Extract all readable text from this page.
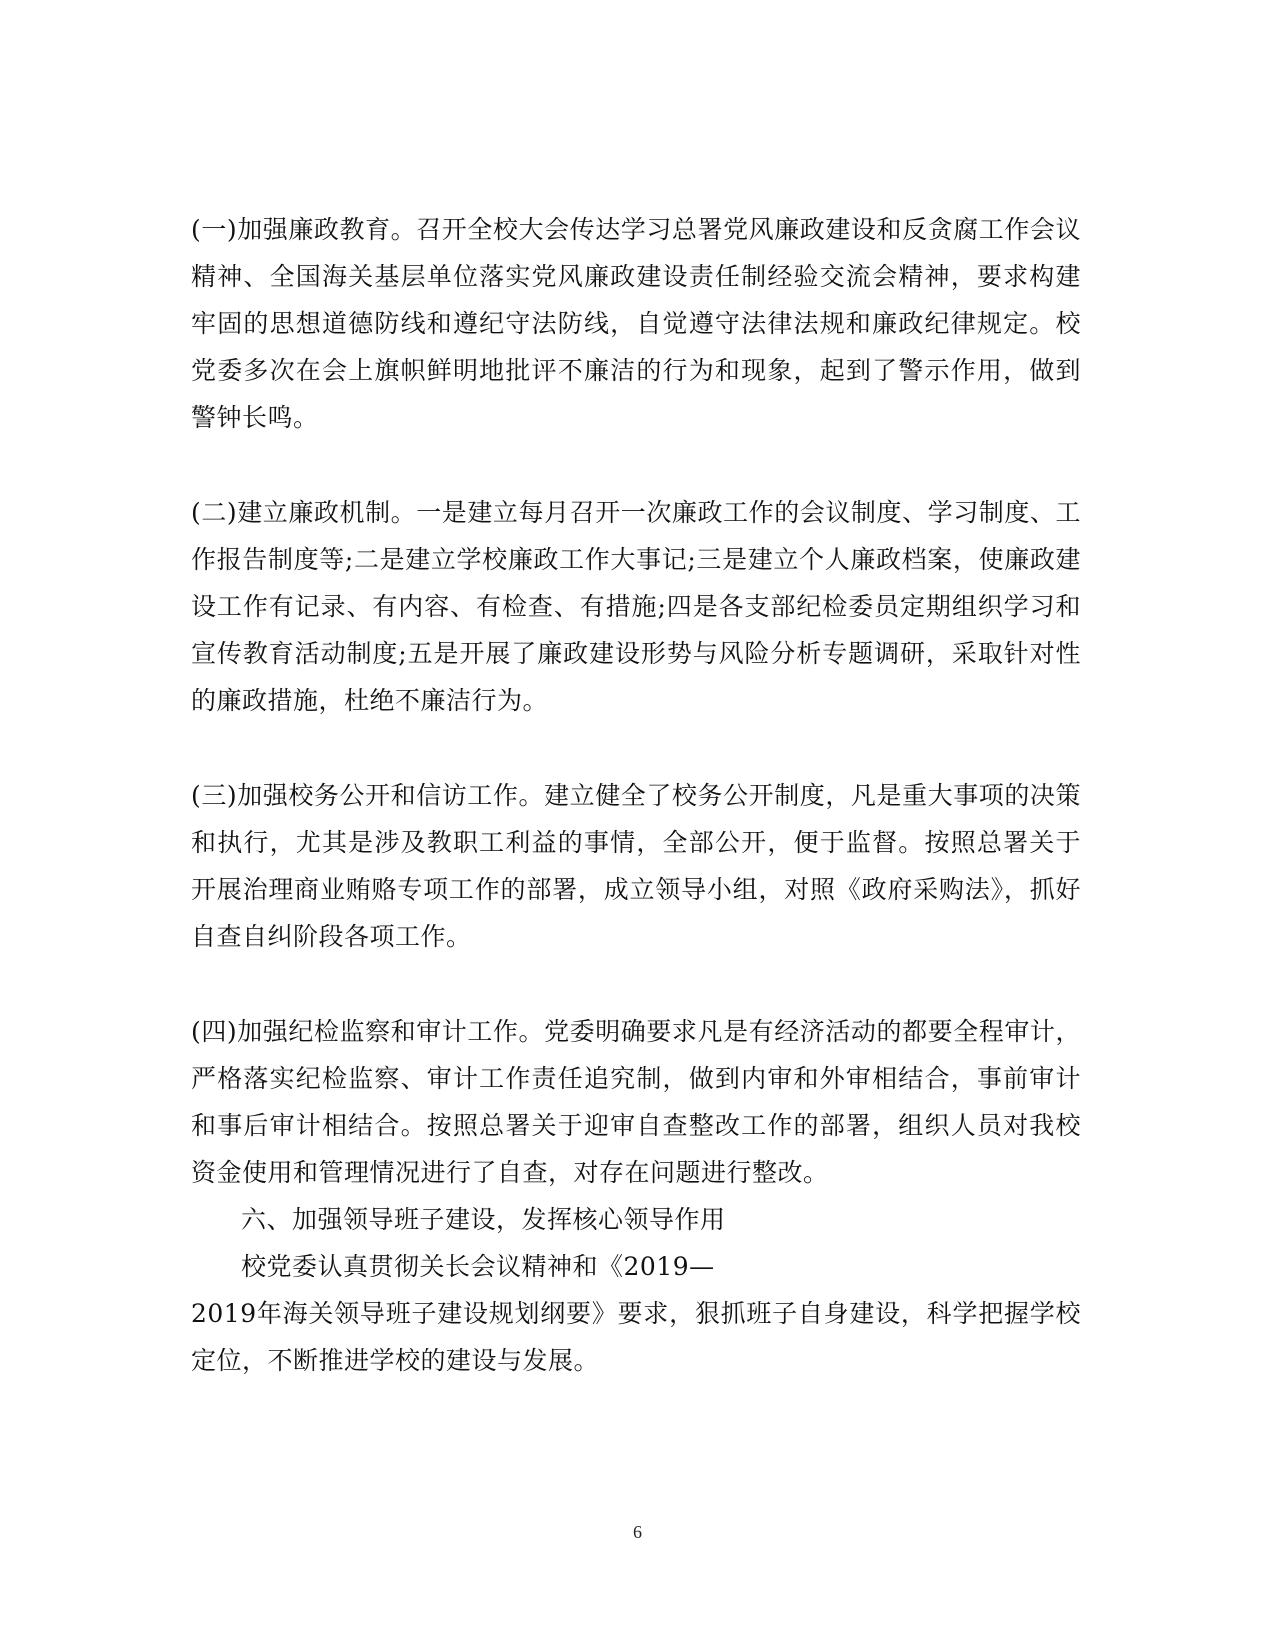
(一)加强廉政教育。召开全校大会传达学习总署党风廉政建设和反贪腐工作会议精神、全国海关基层单位落实党风廉政建设责任制经验交流会精神，要求构建牢固的思想道德防线和遵纪守法防线，自觉遵守法律法规和廉政纪律规定。校党委多次在会上旗帜鲜明地批评不廉洁的行为和现象，起到了警示作用，做到警钟长鸣。

(二)建立廉政机制。一是建立每月召开一次廉政工作的会议制度、学习制度、工作报告制度等;二是建立学校廉政工作大事记;三是建立个人廉政档案，使廉政建设工作有记录、有内容、有检查、有措施;四是各支部纪检委员定期组织学习和宣传教育活动制度;五是开展了廉政建设形势与风险分析专题调研，采取针对性的廉政措施，杜绝不廉洁行为。

(三)加强校务公开和信访工作。建立健全了校务公开制度，凡是重大事项的决策和执行，尤其是涉及教职工利益的事情，全部公开，便于监督。按照总署关于开展治理商业贿赂专项工作的部署，成立领导小组，对照《政府采购法》，抓好自查自纠阶段各项工作。

(四)加强纪检监察和审计工作。党委明确要求凡是有经济活动的都要全程审计，严格落实纪检监察、审计工作责任追究制，做到内审和外审相结合，事前审计和事后审计相结合。按照总署关于迎审自查整改工作的部署，组织人员对我校资金使用和管理情况进行了自查，对存在问题进行整改。

六、加强领导班子建设，发挥核心领导作用

校党委认真贯彻关长会议精神和《2019—

2019年海关领导班子建设规划纲要》要求，狠抓班子自身建设，科学把握学校定位，不断推进学校的建设与发展。

6
